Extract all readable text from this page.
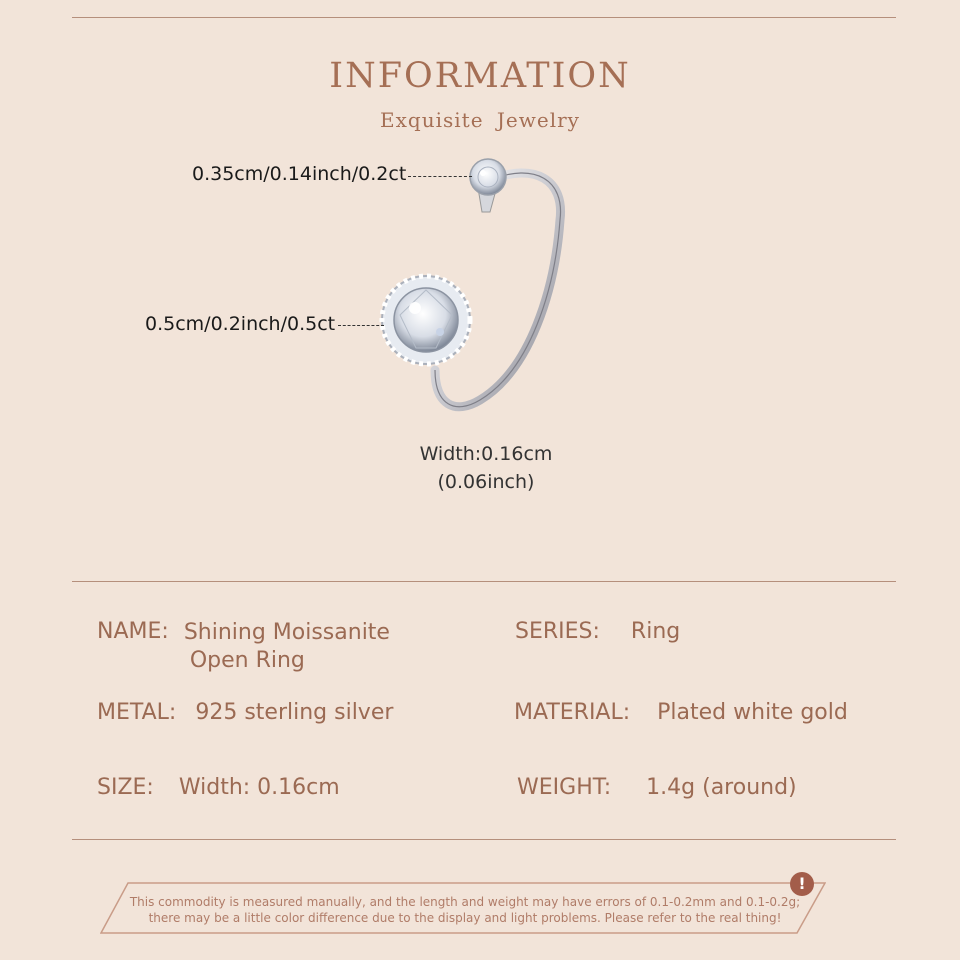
INFORMATION
Exquisite Jewelry
0.35cm/0.14inch/0.2ct
0.5cm/0.2inch/0.5ct
Width:0.16cm
(0.06inch)
NAME: Shining Moissanite
Open Ring
SERIES: Ring
METAL: 925 sterling silver	MATERIAL: Plated white gold
SIZE: Width: 0.16cm	WEIGHT: 1.4g (around)
This commodity is measured manually, and the length and weight may have errors of 0.1-0.2mm and 0.1-0.2g;
there may be a little color difference due to the display and light problems. Please refer to the real thing!
!
